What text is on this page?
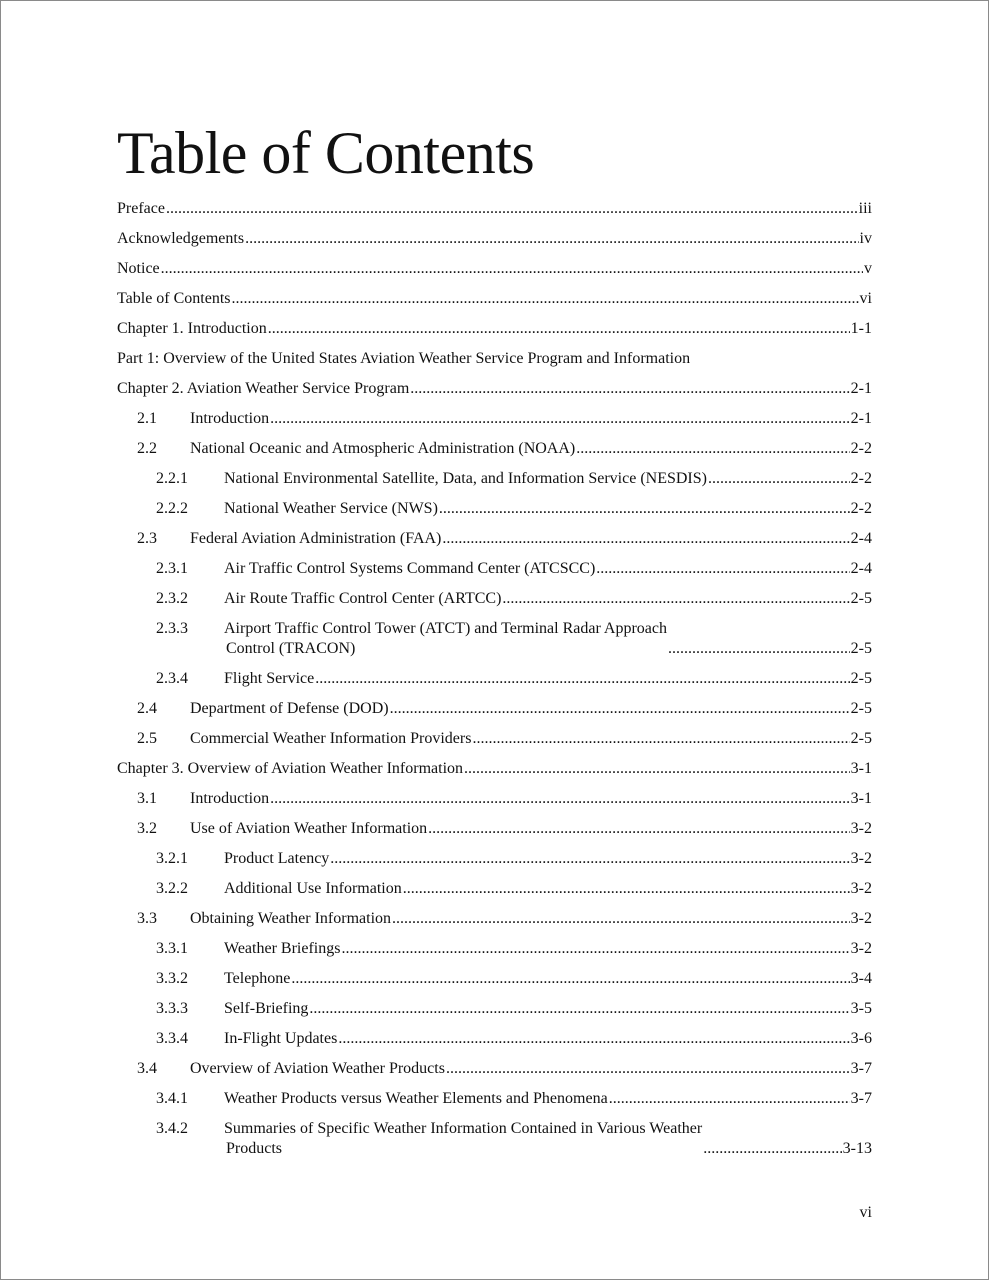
Table of Contents
Preface .....	iii
Acknowledgements .....	iv
Notice .....	v
Table of Contents .....	vi
Chapter 1. Introduction .....	1-1
Part 1: Overview of the United States Aviation Weather Service Program and Information
Chapter 2. Aviation Weather Service Program .....	2-1
2.1	Introduction .....	2-1
2.2	National Oceanic and Atmospheric Administration (NOAA) .....	2-2
2.2.1	National Environmental Satellite, Data, and Information Service (NESDIS) .....	2-2
2.2.2	National Weather Service (NWS) .....	2-2
2.3	Federal Aviation Administration (FAA) .....	2-4
2.3.1	Air Traffic Control Systems Command Center (ATCSCC) .....	2-4
2.3.2	Air Route Traffic Control Center (ARTCC) .....	2-5
2.3.3	Airport Traffic Control Tower (ATCT) and Terminal Radar Approach
Control (TRACON) .....	2-5
2.3.4	Flight Service .....	2-5
2.4	Department of Defense (DOD) .....	2-5
2.5	Commercial Weather Information Providers .....	2-5
Chapter 3. Overview of Aviation Weather Information .....	3-1
3.1	Introduction .....	3-1
3.2	Use of Aviation Weather Information .....	3-2
3.2.1	Product Latency .....	3-2
3.2.2	Additional Use Information .....	3-2
3.3	Obtaining Weather Information .....	3-2
3.3.1	Weather Briefings .....	3-2
3.3.2	Telephone .....	3-4
3.3.3	Self-Briefing .....	3-5
3.3.4	In-Flight Updates .....	3-6
3.4	Overview of Aviation Weather Products .....	3-7
3.4.1	Weather Products versus Weather Elements and Phenomena .....	3-7
3.4.2	Summaries of Specific Weather Information Contained in Various Weather
Products .....	3-13
vi
